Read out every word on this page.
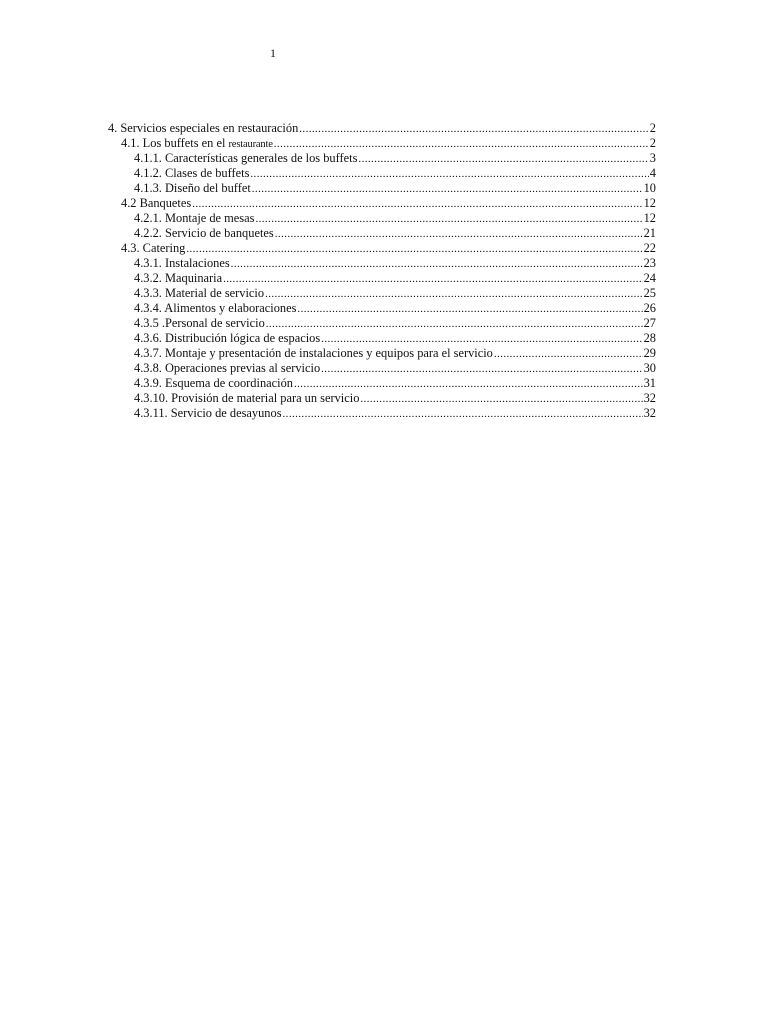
1
4. Servicios especiales en restauración .....	2
4.1. Los buffets en el restaurante .....	2
4.1.1. Características generales de los buffets .....	3
4.1.2. Clases de buffets .....	4
4.1.3. Diseño del buffet .....	10
4.2 Banquetes .....	12
4.2.1. Montaje de mesas .....	12
4.2.2. Servicio de banquetes .....	21
4.3. Catering .....	22
4.3.1. Instalaciones .....	23
4.3.2. Maquinaria .....	24
4.3.3. Material de servicio .....	25
4.3.4. Alimentos y elaboraciones .....	26
4.3.5 .Personal de servicio .....	27
4.3.6. Distribución lógica de espacios .....	28
4.3.7. Montaje y presentación de instalaciones y equipos para el servicio .....	29
4.3.8. Operaciones previas al servicio .....	30
4.3.9. Esquema de coordinación .....	31
4.3.10. Provisión de material para un servicio .....	32
4.3.11. Servicio de desayunos .....	32
